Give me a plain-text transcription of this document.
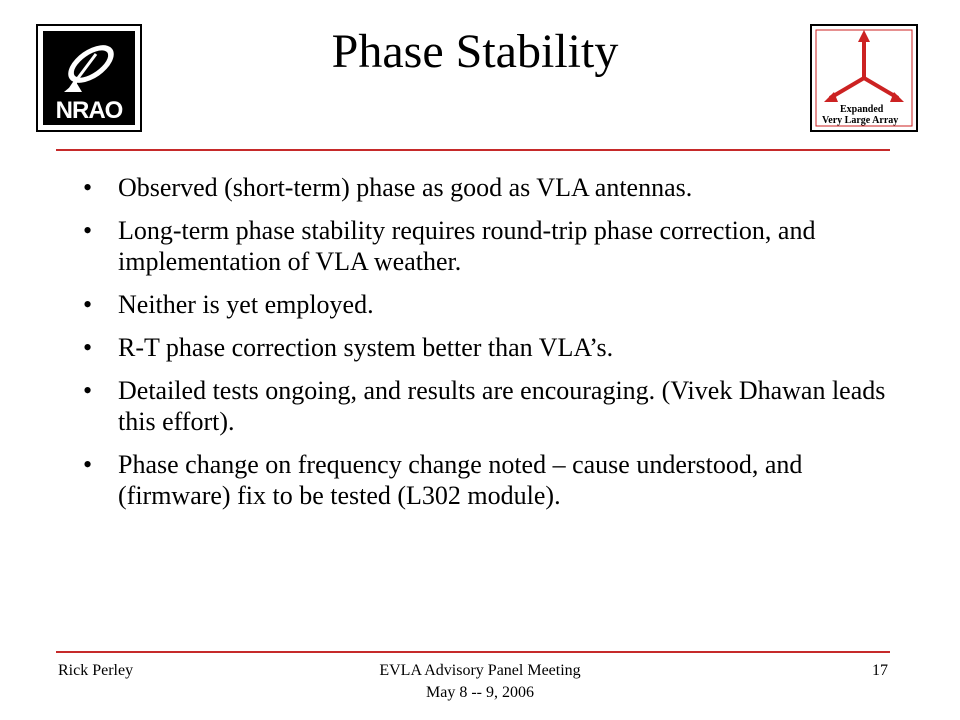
NRAO
Phase Stability
Expanded
Very Large Array
• Observed (short-term) phase as good as VLA antennas.
• Long-term phase stability requires round-trip phase correction, and implementation of VLA weather.
• Neither is yet employed.
• R-T phase correction system better than VLA’s.
• Detailed tests ongoing, and results are encouraging. (Vivek Dhawan leads this effort).
• Phase change on frequency change noted – cause understood, and (firmware) fix to be tested (L302 module).
Rick Perley	EVLA Advisory Panel Meeting
May 8 -- 9, 2006
17
